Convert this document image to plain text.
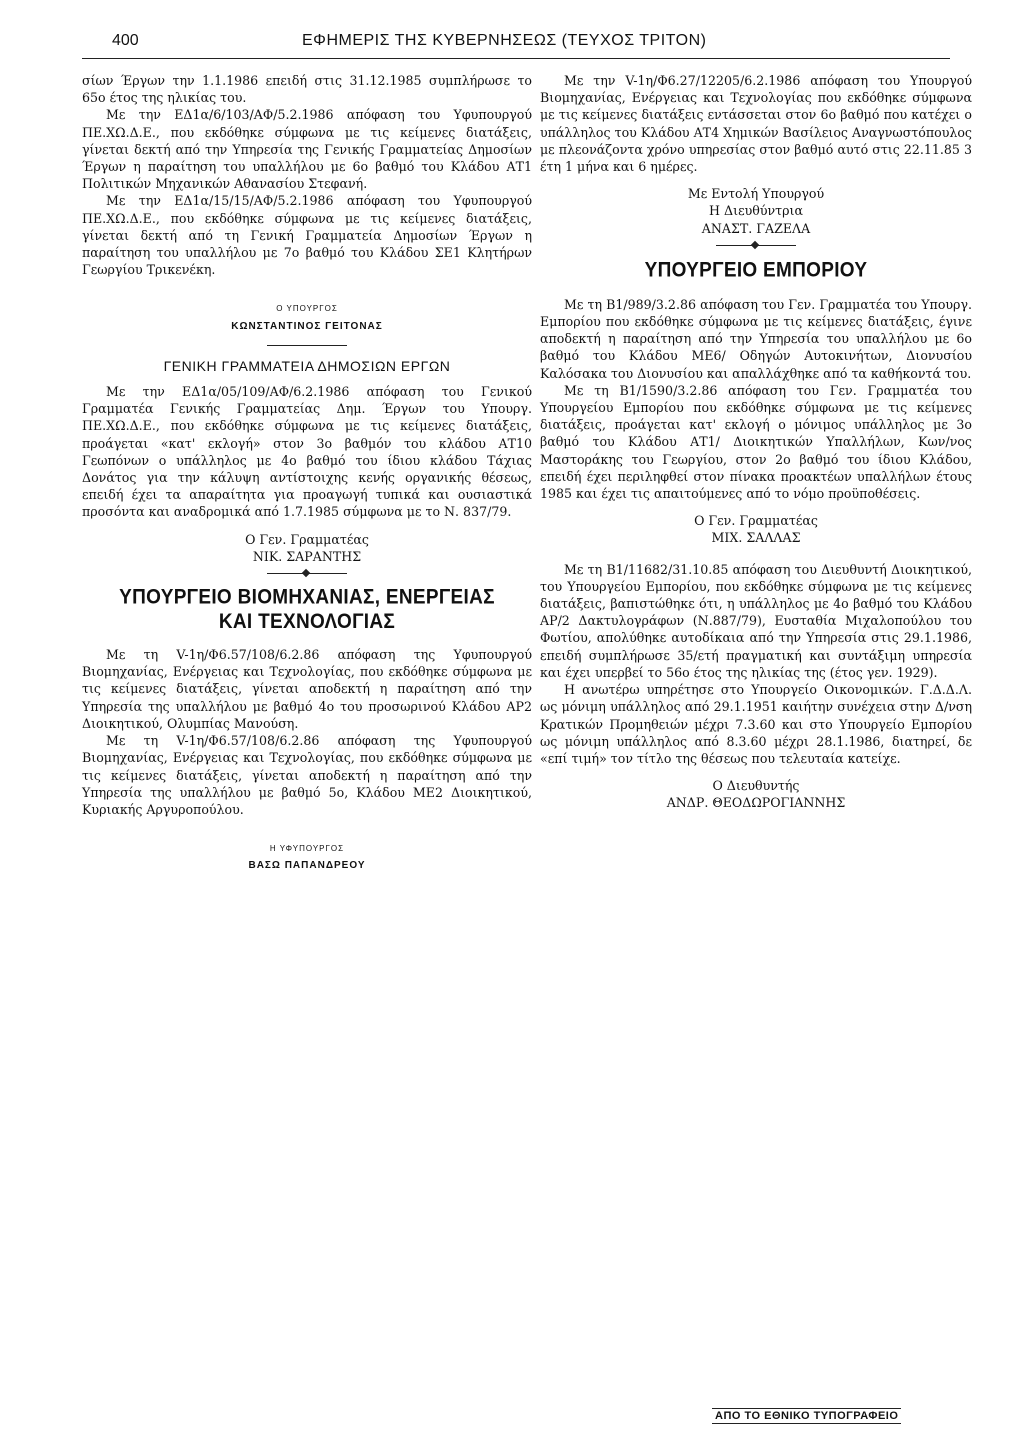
400	ΕΦΗΜΕΡΙΣ ΤΗΣ ΚΥΒΕΡΝΗΣΕΩΣ (ΤΕΥΧΟΣ ΤΡΙΤΟΝ)

σίων Έργων την 1.1.1986 επειδή στις 31.12.1985 συμπλήρωσε το 65ο έτος της ηλικίας του.

Με την ΕΔ1α/6/103/ΑΦ/5.2.1986 απόφαση του Υφυπουργού ΠΕ.ΧΩ.Δ.Ε., που εκδόθηκε σύμφωνα με τις κείμενες διατάξεις, γίνεται δεκτή από την Υπηρεσία της Γενικής Γραμματείας Δημοσίων Έργων η παραίτηση του υπαλλήλου με 6ο βαθμό του Κλάδου ΑΤ1 Πολιτικών Μηχανικών Αθανασίου Στεφανή.

Με την ΕΔ1α/15/15/ΑΦ/5.2.1986 απόφαση του Υφυπουργού ΠΕ.ΧΩ.Δ.Ε., που εκδόθηκε σύμφωνα με τις κείμενες διατάξεις, γίνεται δεκτή από τη Γενική Γραμματεία Δημοσίων Έργων η παραίτηση του υπαλλήλου με 7ο βαθμό του Κλάδου ΣΕ1 Κλητήρων Γεωργίου Τρικενέκη.

Ο ΥΠΟΥΡΓΟΣ
ΚΩΝΣΤΑΝΤΙΝΟΣ ΓΕΙΤΟΝΑΣ
ΓΕΝΙΚΗ ΓΡΑΜΜΑΤΕΙΑ ΔΗΜΟΣΙΩΝ ΕΡΓΩΝ

Με την ΕΔ1α/05/109/ΑΦ/6.2.1986 απόφαση του Γενικού Γραμματέα Γενικής Γραμματείας Δημ. Έργων του Υπουργ. ΠΕ.ΧΩ.Δ.Ε., που εκδόθηκε σύμφωνα με τις κείμενες διατάξεις, προάγεται «κατ' εκλογή» στον 3ο βαθμόν του κλάδου ΑΤ10 Γεωπόνων ο υπάλληλος με 4ο βαθμό του ίδιου κλάδου Τάχιας Δονάτος για την κάλυψη αντίστοιχης κενής οργανικής θέσεως, επειδή έχει τα απαραίτητα για προαγωγή τυπικά και ουσιαστικά προσόντα και αναδρομικά από 1.7.1985 σύμφωνα με το Ν. 837/79.

Ο Γεν. Γραμματέας
ΝΙΚ. ΣΑΡΑΝΤΗΣ
ΥΠΟΥΡΓΕΙΟ ΒΙΟΜΗΧΑΝΙΑΣ, ΕΝΕΡΓΕΙΑΣ
ΚΑΙ ΤΕΧΝΟΛΟΓΙΑΣ

Με τη V-1η/Φ6.57/108/6.2.86 απόφαση της Υφυπουργού Βιομηχανίας, Ενέργειας και Τεχνολογίας, που εκδόθηκε σύμφωνα με τις κείμενες διατάξεις, γίνεται αποδεκτή η παραίτηση από την Υπηρεσία της υπαλλήλου με βαθμό 4ο του προσωρινού Κλάδου ΑΡ2 Διοικητικού, Ολυμπίας Μανούση.

Με τη V-1η/Φ6.57/108/6.2.86 απόφαση της Υφυπουργού Βιομηχανίας, Ενέργειας και Τεχνολογίας, που εκδόθηκε σύμφωνα με τις κείμενες διατάξεις, γίνεται αποδεκτή η παραίτηση από την Υπηρεσία της υπαλλήλου με βαθμό 5ο, Κλάδου ΜΕ2 Διοικητικού, Κυριακής Αργυροπούλου.

Η ΥΦΥΠΟΥΡΓΟΣ
ΒΑΣΩ ΠΑΠΑΝΔΡΕΟΥ

Με την V-1η/Φ6.27/12205/6.2.1986 απόφαση του Υπουργού Βιομηχανίας, Ενέργειας και Τεχνολογίας που εκδόθηκε σύμφωνα με τις κείμενες διατάξεις εντάσσεται στον 6ο βαθμό που κατέχει ο υπάλληλος του Κλάδου ΑΤ4 Χημικών Βασίλειος Αναγνωστόπουλος με πλεονάζοντα χρόνο υπηρεσίας στον βαθμό αυτό στις 22.11.85 3 έτη 1 μήνα και 6 ημέρες.

Με Εντολή Υπουργού
Η Διευθύντρια
ΑΝΑΣΤ. ΓΑΖΕΛΑ
ΥΠΟΥΡΓΕΙΟ ΕΜΠΟΡΙΟΥ

Με τη Β1/989/3.2.86 απόφαση του Γεν. Γραμματέα του Υπουργ. Εμπορίου που εκδόθηκε σύμφωνα με τις κείμενες διατάξεις, έγινε αποδεκτή η παραίτηση από την Υπηρεσία του υπαλλήλου με 6ο βαθμό του Κλάδου ΜΕ6/ Οδηγών Αυτοκινήτων, Διονυσίου Καλόσακα του Διονυσίου και απαλλάχθηκε από τα καθήκοντά του.

Με τη Β1/1590/3.2.86 απόφαση του Γεν. Γραμματέα του Υπουργείου Εμπορίου που εκδόθηκε σύμφωνα με τις κείμενες διατάξεις, προάγεται κατ' εκλογή ο μόνιμος υπάλληλος με 3ο βαθμό του Κλάδου ΑΤ1/ Διοικητικών Υπαλλήλων, Κων/νος Μαστοράκης του Γεωργίου, στον 2ο βαθμό του ίδιου Κλάδου, επειδή έχει περιληφθεί στον πίνακα προακτέων υπαλλήλων έτους 1985 και έχει τις απαιτούμενες από το νόμο προϋποθέσεις.

Ο Γεν. Γραμματέας
ΜΙΧ. ΣΑΛΛΑΣ

Με τη Β1/11682/31.10.85 απόφαση του Διευθυντή Διοικητικού, του Υπουργείου Εμπορίου, που εκδόθηκε σύμφωνα με τις κείμενες διατάξεις, βαπιστώθηκε ότι, η υπάλληλος με 4ο βαθμό του Κλάδου ΑΡ/2 Δακτυλογράφων (Ν.887/79), Ευσταθία Μιχαλοπούλου του Φωτίου, απολύθηκε αυτοδίκαια από την Υπηρεσία στις 29.1.1986, επειδή συμπλήρωσε 35/ετή πραγματική και συντάξιμη υπηρεσία και έχει υπερβεί το 56ο έτος της ηλικίας της (έτος γεν. 1929).

Η ανωτέρω υπηρέτησε στο Υπουργείο Οικονομικών. Γ.Δ.Δ.Λ. ως μόνιμη υπάλληλος από 29.1.1951 καιήτην συνέχεια στην Δ/νση Κρατικών Προμηθειών μέχρι 7.3.60 και στο Υπουργείο Εμπορίου ως μόνιμη υπάλληλος από 8.3.60 μέχρι 28.1.1986, διατηρεί, δε «επί τιμή» τον τίτλο της θέσεως που τελευταία κατείχε.

Ο Διευθυντής
ΑΝΔΡ. ΘΕΟΔΩΡΟΓΙΑΝΝΗΣ
ΑΠΟ ΤΟ ΕΘΝΙΚΟ ΤΥΠΟΓΡΑΦΕΙΟ
